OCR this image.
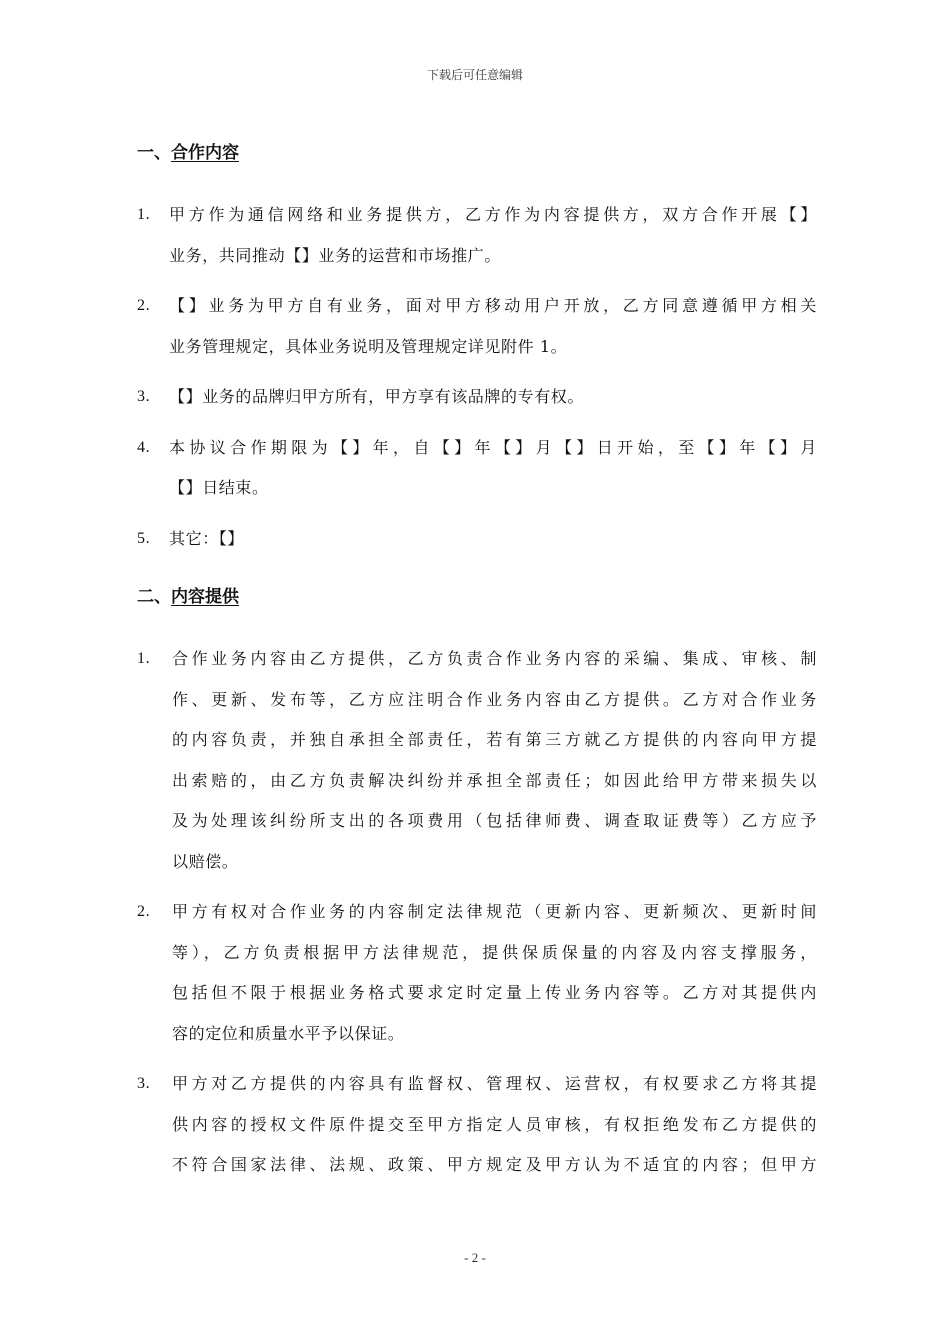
下载后可任意编辑
一、合作内容
1. 甲方作为通信网络和业务提供方，乙方作为内容提供方，双方合作开展【】
业务，共同推动【】业务的运营和市场推广。
2. 【】业务为甲方自有业务，面对甲方移动用户开放，乙方同意遵循甲方相关
业务管理规定，具体业务说明及管理规定详见附件 1。
3. 【】业务的品牌归甲方所有，甲方享有该品牌的专有权。
4. 本协议合作期限为【】年，自【】年【】月【】日开始，至【】年【】月
【】日结束。
5. 其它：【】
二、内容提供
1. 合作业务内容由乙方提供，乙方负责合作业务内容的采编、集成、审核、制
作、更新、发布等，乙方应注明合作业务内容由乙方提供。乙方对合作业务
的内容负责，并独自承担全部责任，若有第三方就乙方提供的内容向甲方提
出索赔的，由乙方负责解决纠纷并承担全部责任；如因此给甲方带来损失以
及为处理该纠纷所支出的各项费用（包括律师费、调查取证费等）乙方应予
以赔偿。
2. 甲方有权对合作业务的内容制定法律规范（更新内容、更新频次、更新时间
等），乙方负责根据甲方法律规范，提供保质保量的内容及内容支撑服务，
包括但不限于根据业务格式要求定时定量上传业务内容等。乙方对其提供内
容的定位和质量水平予以保证。
3. 甲方对乙方提供的内容具有监督权、管理权、运营权，有权要求乙方将其提
供内容的授权文件原件提交至甲方指定人员审核，有权拒绝发布乙方提供的
不符合国家法律、法规、政策、甲方规定及甲方认为不适宜的内容；但甲方
- 2 -
